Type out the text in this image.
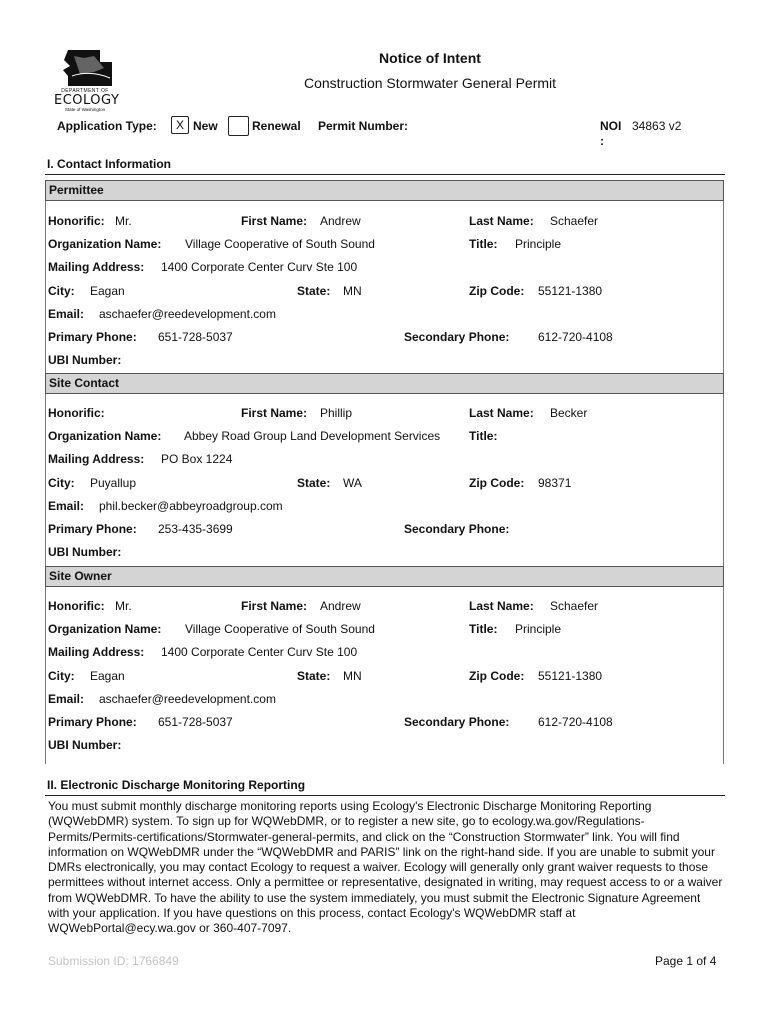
DEPARTMENT OF
ECOLOGY
State of Washington
Notice of Intent
Construction Stormwater General Permit
Application Type:	X New	Renewal Permit Number:	NOI
:
34863 v2
I. Contact Information
Permittee
Honorific: Mr.	First Name: Andrew	Last Name: Schaefer
Organization Name: Village Cooperative of South Sound	Title: Principle
Mailing Address: 1400 Corporate Center Curv Ste 100
City: Eagan	State: MN	Zip Code: 55121-1380
Email: aschaefer@reedevelopment.com
Primary Phone: 651-728-5037	Secondary Phone: 612-720-4108
UBI Number:
Site Contact
Honorific:	First Name: Phillip	Last Name: Becker
Organization Name: Abbey Road Group Land Development Services Title:
Mailing Address: PO Box 1224
City: Puyallup	State: WA	Zip Code: 98371
Email: phil.becker@abbeyroadgroup.com
Primary Phone: 253-435-3699	Secondary Phone:
UBI Number:
Site Owner
Honorific: Mr.	First Name: Andrew	Last Name: Schaefer
Organization Name: Village Cooperative of South Sound	Title: Principle
Mailing Address: 1400 Corporate Center Curv Ste 100
City: Eagan	State: MN	Zip Code: 55121-1380
Email: aschaefer@reedevelopment.com
Primary Phone: 651-728-5037	Secondary Phone: 612-720-4108
UBI Number:
II. Electronic Discharge Monitoring Reporting
You must submit monthly discharge monitoring reports using Ecology's Electronic Discharge Monitoring Reporting (WQWebDMR) system. To sign up for WQWebDMR, or to register a new site, go to ecology.wa.gov/Regulations-Permits/Permits-certifications/Stormwater-general-permits, and click on the “Construction Stormwater” link. You will find information on WQWebDMR under the “WQWebDMR and PARIS” link on the right-hand side. If you are unable to submit your DMRs electronically, you may contact Ecology to request a waiver. Ecology will generally only grant waiver requests to those permittees without internet access. Only a permittee or representative, designated in writing, may request access to or a waiver from WQWebDMR. To have the ability to use the system immediately, you must submit the Electronic Signature Agreement with your application. If you have questions on this process, contact Ecology's WQWebDMR staff at WQWebPortal@ecy.wa.gov or 360-407-7097.
Submission ID: 1766849	Page 1 of 4
